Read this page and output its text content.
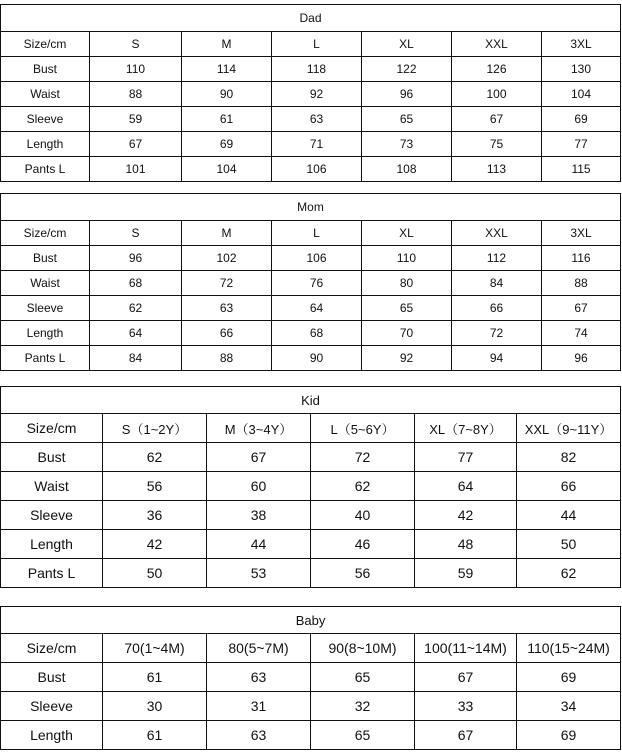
Dad						
Size/cm	S	M	L	XL	XXL	3XL
Bust	110	114	118	122	126	130
Waist	88	90	92	96	100	104
Sleeve	59	61	63	65	67	69
Length	67	69	71	73	75	77
Pants L	101	104	106	108	113	115
Mom						
Size/cm	S	M	L	XL	XXL	3XL
Bust	96	102	106	110	112	116
Waist	68	72	76	80	84	88
Sleeve	62	63	64	65	66	67
Length	64	66	68	70	72	74
Pants L	84	88	90	92	94	96
Kid					
Size/cm	S（1~2Y）	M（3~4Y）	L（5~6Y）	XL（7~8Y）	XXL（9~11Y）
Bust	62	67	72	77	82
Waist	56	60	62	64	66
Sleeve	36	38	40	42	44
Length	42	44	46	48	50
Pants L	50	53	56	59	62
Baby					
Size/cm	70(1~4M)	80(5~7M)	90(8~10M)	100(11~14M)	110(15~24M)
Bust	61	63	65	67	69
Sleeve	30	31	32	33	34
Length	61	63	65	67	69
